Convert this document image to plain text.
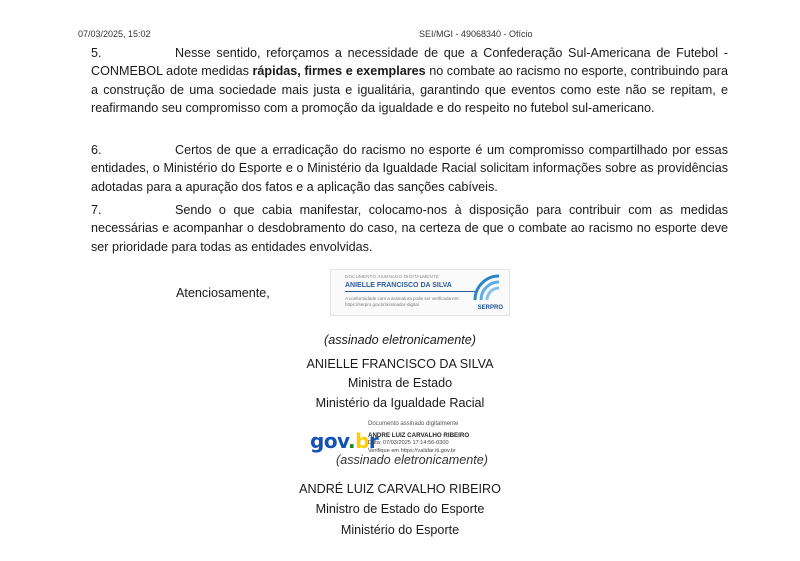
07/03/2025, 15:02	SEI/MGI - 49068340 - Ofício
5.	Nesse sentido, reforçamos a necessidade de que a Confederação Sul-Americana de Futebol - CONMEBOL adote medidas rápidas, firmes e exemplares no combate ao racismo no esporte, contribuindo para a construção de uma sociedade mais justa e igualitária, garantindo que eventos como este não se repitam, e reafirmando seu compromisso com a promoção da igualdade e do respeito no futebol sul-americano.
6.	Certos de que a erradicação do racismo no esporte é um compromisso compartilhado por essas entidades, o Ministério do Esporte e o Ministério da Igualdade Racial solicitam informações sobre as providências adotadas para a apuração dos fatos e a aplicação das sanções cabíveis.
7.	Sendo o que cabia manifestar, colocamo-nos à disposição para contribuir com as medidas necessárias e acompanhar o desdobramento do caso, na certeza de que o combate ao racismo no esporte deve ser prioridade para todas as entidades envolvidas.
Atenciosamente,
DOCUMENTO ASSINADO DIGITALMENTE
ANIELLE FRANCISCO DA SILVA
A conformidade com a assinatura pode ser verificada em:
https://serpro.gov.br/assinador-digital
SERPRO
(assinado eletronicamente)
ANIELLE FRANCISCO DA SILVA
Ministra de Estado
Ministério da Igualdade Racial
gov.br
Documento assinado digitalmente
ANDRE LUIZ CARVALHO RIBEIRO
Data: 07/03/2025 17:14:56-0300
Verifique em https://validar.iti.gov.br
(assinado eletronicamente)
ANDRÉ LUIZ CARVALHO RIBEIRO
Ministro de Estado do Esporte
Ministério do Esporte
